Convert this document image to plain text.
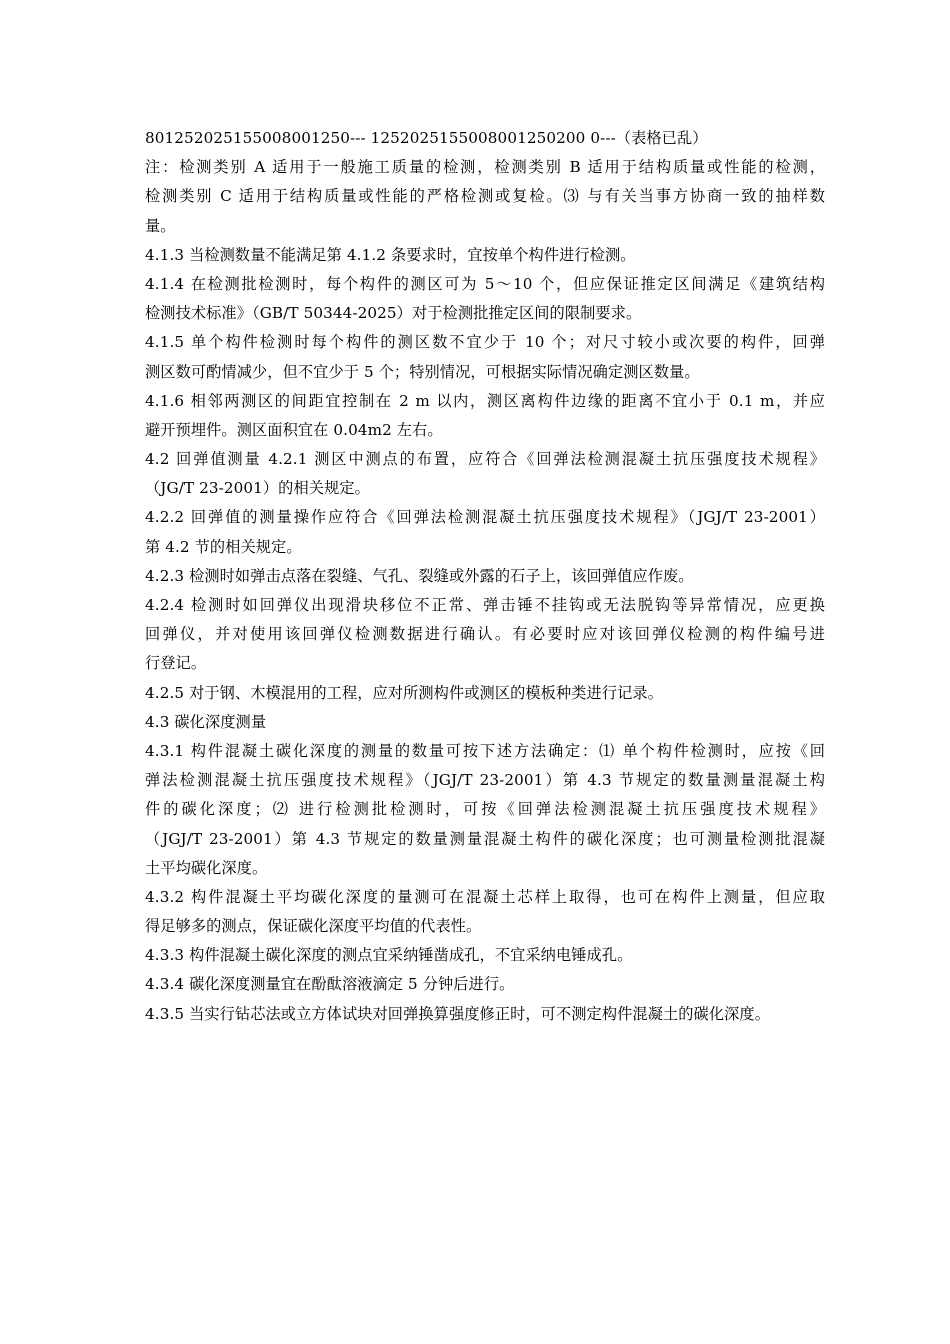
801252025155008001250--- 1252025155008001250200 0---（表格已乱）
注：检测类别 A 适用于一般施工质量的检测，检测类别 B 适用于结构质量或性能的检测，
检测类别 C 适用于结构质量或性能的严格检测或复检。⑶ 与有关当事方协商一致的抽样数
量。
4.1.3 当检测数量不能满足第 4.1.2 条要求时，宜按单个构件进行检测。
4.1.4 在检测批检测时，每个构件的测区可为 5～10 个，但应保证推定区间满足《建筑结构
检测技术标准》（GB/T 50344-2025）对于检测批推定区间的限制要求。
4.1.5 单个构件检测时每个构件的测区数不宜少于 10 个；对尺寸较小或次要的构件，回弹
测区数可酌情减少，但不宜少于 5 个；特别情况，可根据实际情况确定测区数量。
4.1.6 相邻两测区的间距宜控制在 2 m 以内，测区离构件边缘的距离不宜小于 0.1 m，并应
避开预埋件。测区面积宜在 0.04m2 左右。
4.2 回弹值测量 4.2.1 测区中测点的布置，应符合《回弹法检测混凝土抗压强度技术规程》
（JG/T 23-2001）的相关规定。
4.2.2 回弹值的测量操作应符合《回弹法检测混凝土抗压强度技术规程》（JGJ/T 23-2001）
第 4.2 节的相关规定。
4.2.3 检测时如弹击点落在裂缝、气孔、裂缝或外露的石子上，该回弹值应作废。
4.2.4 检测时如回弹仪出现滑块移位不正常、弹击锤不挂钩或无法脱钩等异常情况，应更换
回弹仪，并对使用该回弹仪检测数据进行确认。有必要时应对该回弹仪检测的构件编号进
行登记。
4.2.5 对于钢、木模混用的工程，应对所测构件或测区的模板种类进行记录。
4.3 碳化深度测量
4.3.1 构件混凝土碳化深度的测量的数量可按下述方法确定：⑴ 单个构件检测时，应按《回
弹法检测混凝土抗压强度技术规程》（JGJ/T 23-2001）第 4.3 节规定的数量测量混凝土构
件的碳化深度；⑵ 进行检测批检测时，可按《回弹法检测混凝土抗压强度技术规程》
（JGJ/T 23-2001）第 4.3 节规定的数量测量混凝土构件的碳化深度；也可测量检测批混凝
土平均碳化深度。
4.3.2 构件混凝土平均碳化深度的量测可在混凝土芯样上取得，也可在构件上测量，但应取
得足够多的测点，保证碳化深度平均值的代表性。
4.3.3 构件混凝土碳化深度的测点宜采纳锤凿成孔，不宜采纳电锤成孔。
4.3.4 碳化深度测量宜在酚酞溶液滴定 5 分钟后进行。
4.3.5 当实行钻芯法或立方体试块对回弹换算强度修正时，可不测定构件混凝土的碳化深度。
